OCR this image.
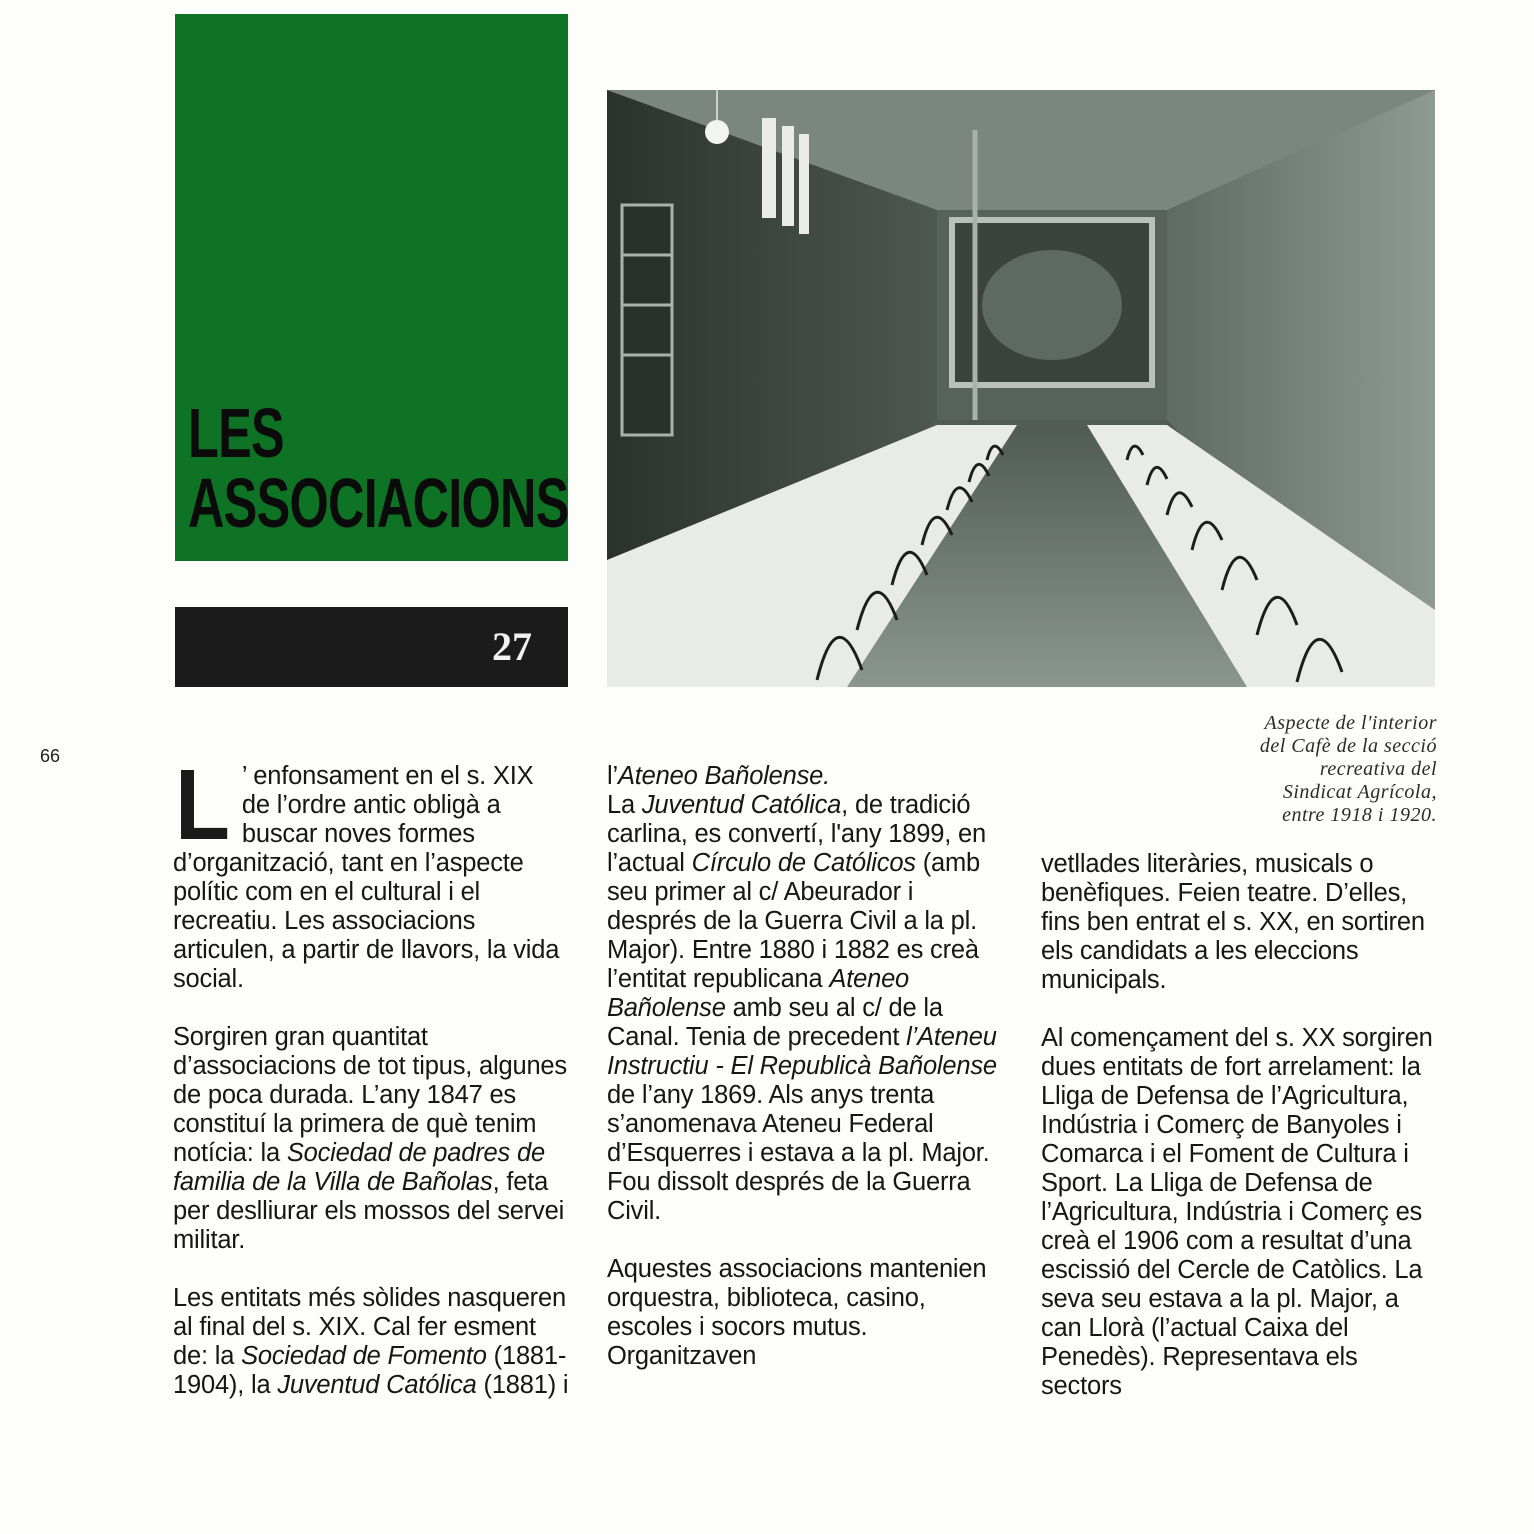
LES
ASSOCIACIONS
27

Aspecte de l'interior
del Cafè de la secció
recreativa del
Sindicat Agrícola,
entre 1918 i 1920.

66 L ’ enfonsament en el s. XIX
de l’ordre antic obligà a
buscar noves formes
d’organització, tant en l’aspecte polític com en el cultural i el recreatiu. Les associacions articulen, a partir de llavors, la vida social.

Sorgiren gran quantitat d’associacions de tot tipus, algunes de poca durada. L’any 1847 es constituí la primera de què tenim notícia: la Sociedad de padres de familia de la Villa de Bañolas, feta per deslliurar els mossos del servei militar.

Les entitats més sòlides nasqueren al final del s. XIX. Cal fer esment de: la Sociedad de Fomento (1881-1904), la Juventud Católica (1881) i

l’Ateneo Bañolense.
La Juventud Católica, de tradició carlina, es convertí, l'any 1899, en l’actual Círculo de Católicos (amb seu primer al c/ Abeurador i després de la Guerra Civil a la pl. Major). Entre 1880 i 1882 es creà l’entitat republicana Ateneo Bañolense amb seu al c/ de la Canal. Tenia de precedent l’Ateneu Instructiu - El Republicà Bañolense de l’any 1869. Als anys trenta s’anomenava Ateneu Federal d’Esquerres i estava a la pl. Major. Fou dissolt després de la Guerra Civil.

Aquestes associacions mantenien orquestra, biblioteca, casino, escoles i socors mutus. Organitzaven

vetllades literàries, musicals o benèfiques. Feien teatre. D’elles, fins ben entrat el s. XX, en sortiren els candidats a les eleccions municipals.

Al començament del s. XX sorgiren dues entitats de fort arrelament: la Lliga de Defensa de l’Agricultura, Indústria i Comerç de Banyoles i Comarca i el Foment de Cultura i Sport. La Lliga de Defensa de l’Agricultura, Indústria i Comerç es creà el 1906 com a resultat d’una escissió del Cercle de Catòlics. La seva seu estava a la pl. Major, a can Llorà (l’actual Caixa del Penedès). Representava els sectors
